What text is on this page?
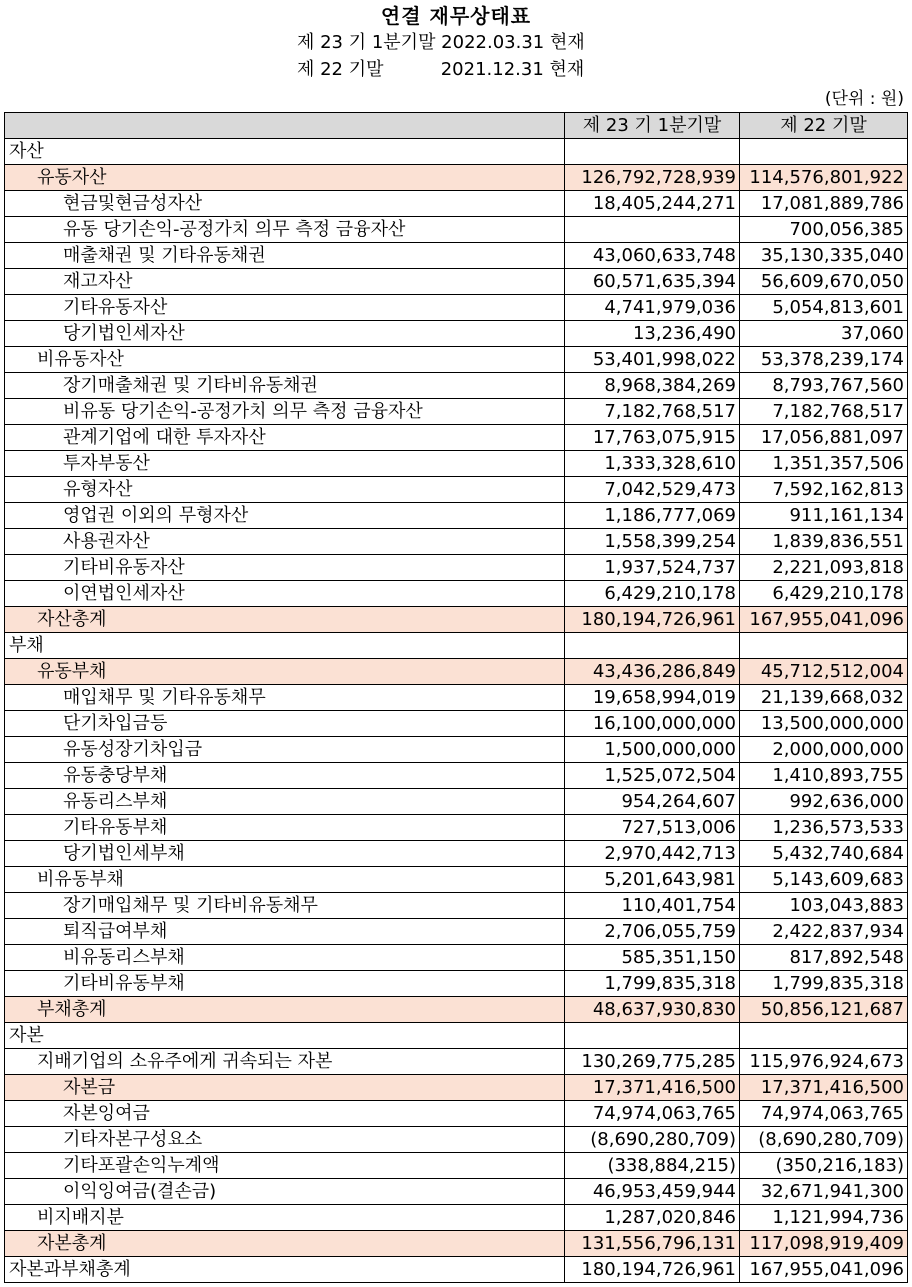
연결 재무상태표
제 23 기 1분기말 2022.03.31 현재
제 22 기말          2021.12.31 현재
(단위 : 원)
	제 23 기 1분기말	제 22 기말
자산		
유동자산	126,792,728,939	114,576,801,922
현금및현금성자산	18,405,244,271	17,081,889,786
유동 당기손익-공정가치 의무 측정 금융자산		700,056,385
매출채권 및 기타유동채권	43,060,633,748	35,130,335,040
재고자산	60,571,635,394	56,609,670,050
기타유동자산	4,741,979,036	5,054,813,601
당기법인세자산	13,236,490	37,060
비유동자산	53,401,998,022	53,378,239,174
장기매출채권 및 기타비유동채권	8,968,384,269	8,793,767,560
비유동 당기손익-공정가치 의무 측정 금융자산	7,182,768,517	7,182,768,517
관계기업에 대한 투자자산	17,763,075,915	17,056,881,097
투자부동산	1,333,328,610	1,351,357,506
유형자산	7,042,529,473	7,592,162,813
영업권 이외의 무형자산	1,186,777,069	911,161,134
사용권자산	1,558,399,254	1,839,836,551
기타비유동자산	1,937,524,737	2,221,093,818
이연법인세자산	6,429,210,178	6,429,210,178
자산총계	180,194,726,961	167,955,041,096
부채		
유동부채	43,436,286,849	45,712,512,004
매입채무 및 기타유동채무	19,658,994,019	21,139,668,032
단기차입금등	16,100,000,000	13,500,000,000
유동성장기차입금	1,500,000,000	2,000,000,000
유동충당부채	1,525,072,504	1,410,893,755
유동리스부채	954,264,607	992,636,000
기타유동부채	727,513,006	1,236,573,533
당기법인세부채	2,970,442,713	5,432,740,684
비유동부채	5,201,643,981	5,143,609,683
장기매입채무 및 기타비유동채무	110,401,754	103,043,883
퇴직급여부채	2,706,055,759	2,422,837,934
비유동리스부채	585,351,150	817,892,548
기타비유동부채	1,799,835,318	1,799,835,318
부채총계	48,637,930,830	50,856,121,687
자본		
지배기업의 소유주에게 귀속되는 자본	130,269,775,285	115,976,924,673
자본금	17,371,416,500	17,371,416,500
자본잉여금	74,974,063,765	74,974,063,765
기타자본구성요소	(8,690,280,709)	(8,690,280,709)
기타포괄손익누계액	(338,884,215)	(350,216,183)
이익잉여금(결손금)	46,953,459,944	32,671,941,300
비지배지분	1,287,020,846	1,121,994,736
자본총계	131,556,796,131	117,098,919,409
자본과부채총계	180,194,726,961	167,955,041,096
